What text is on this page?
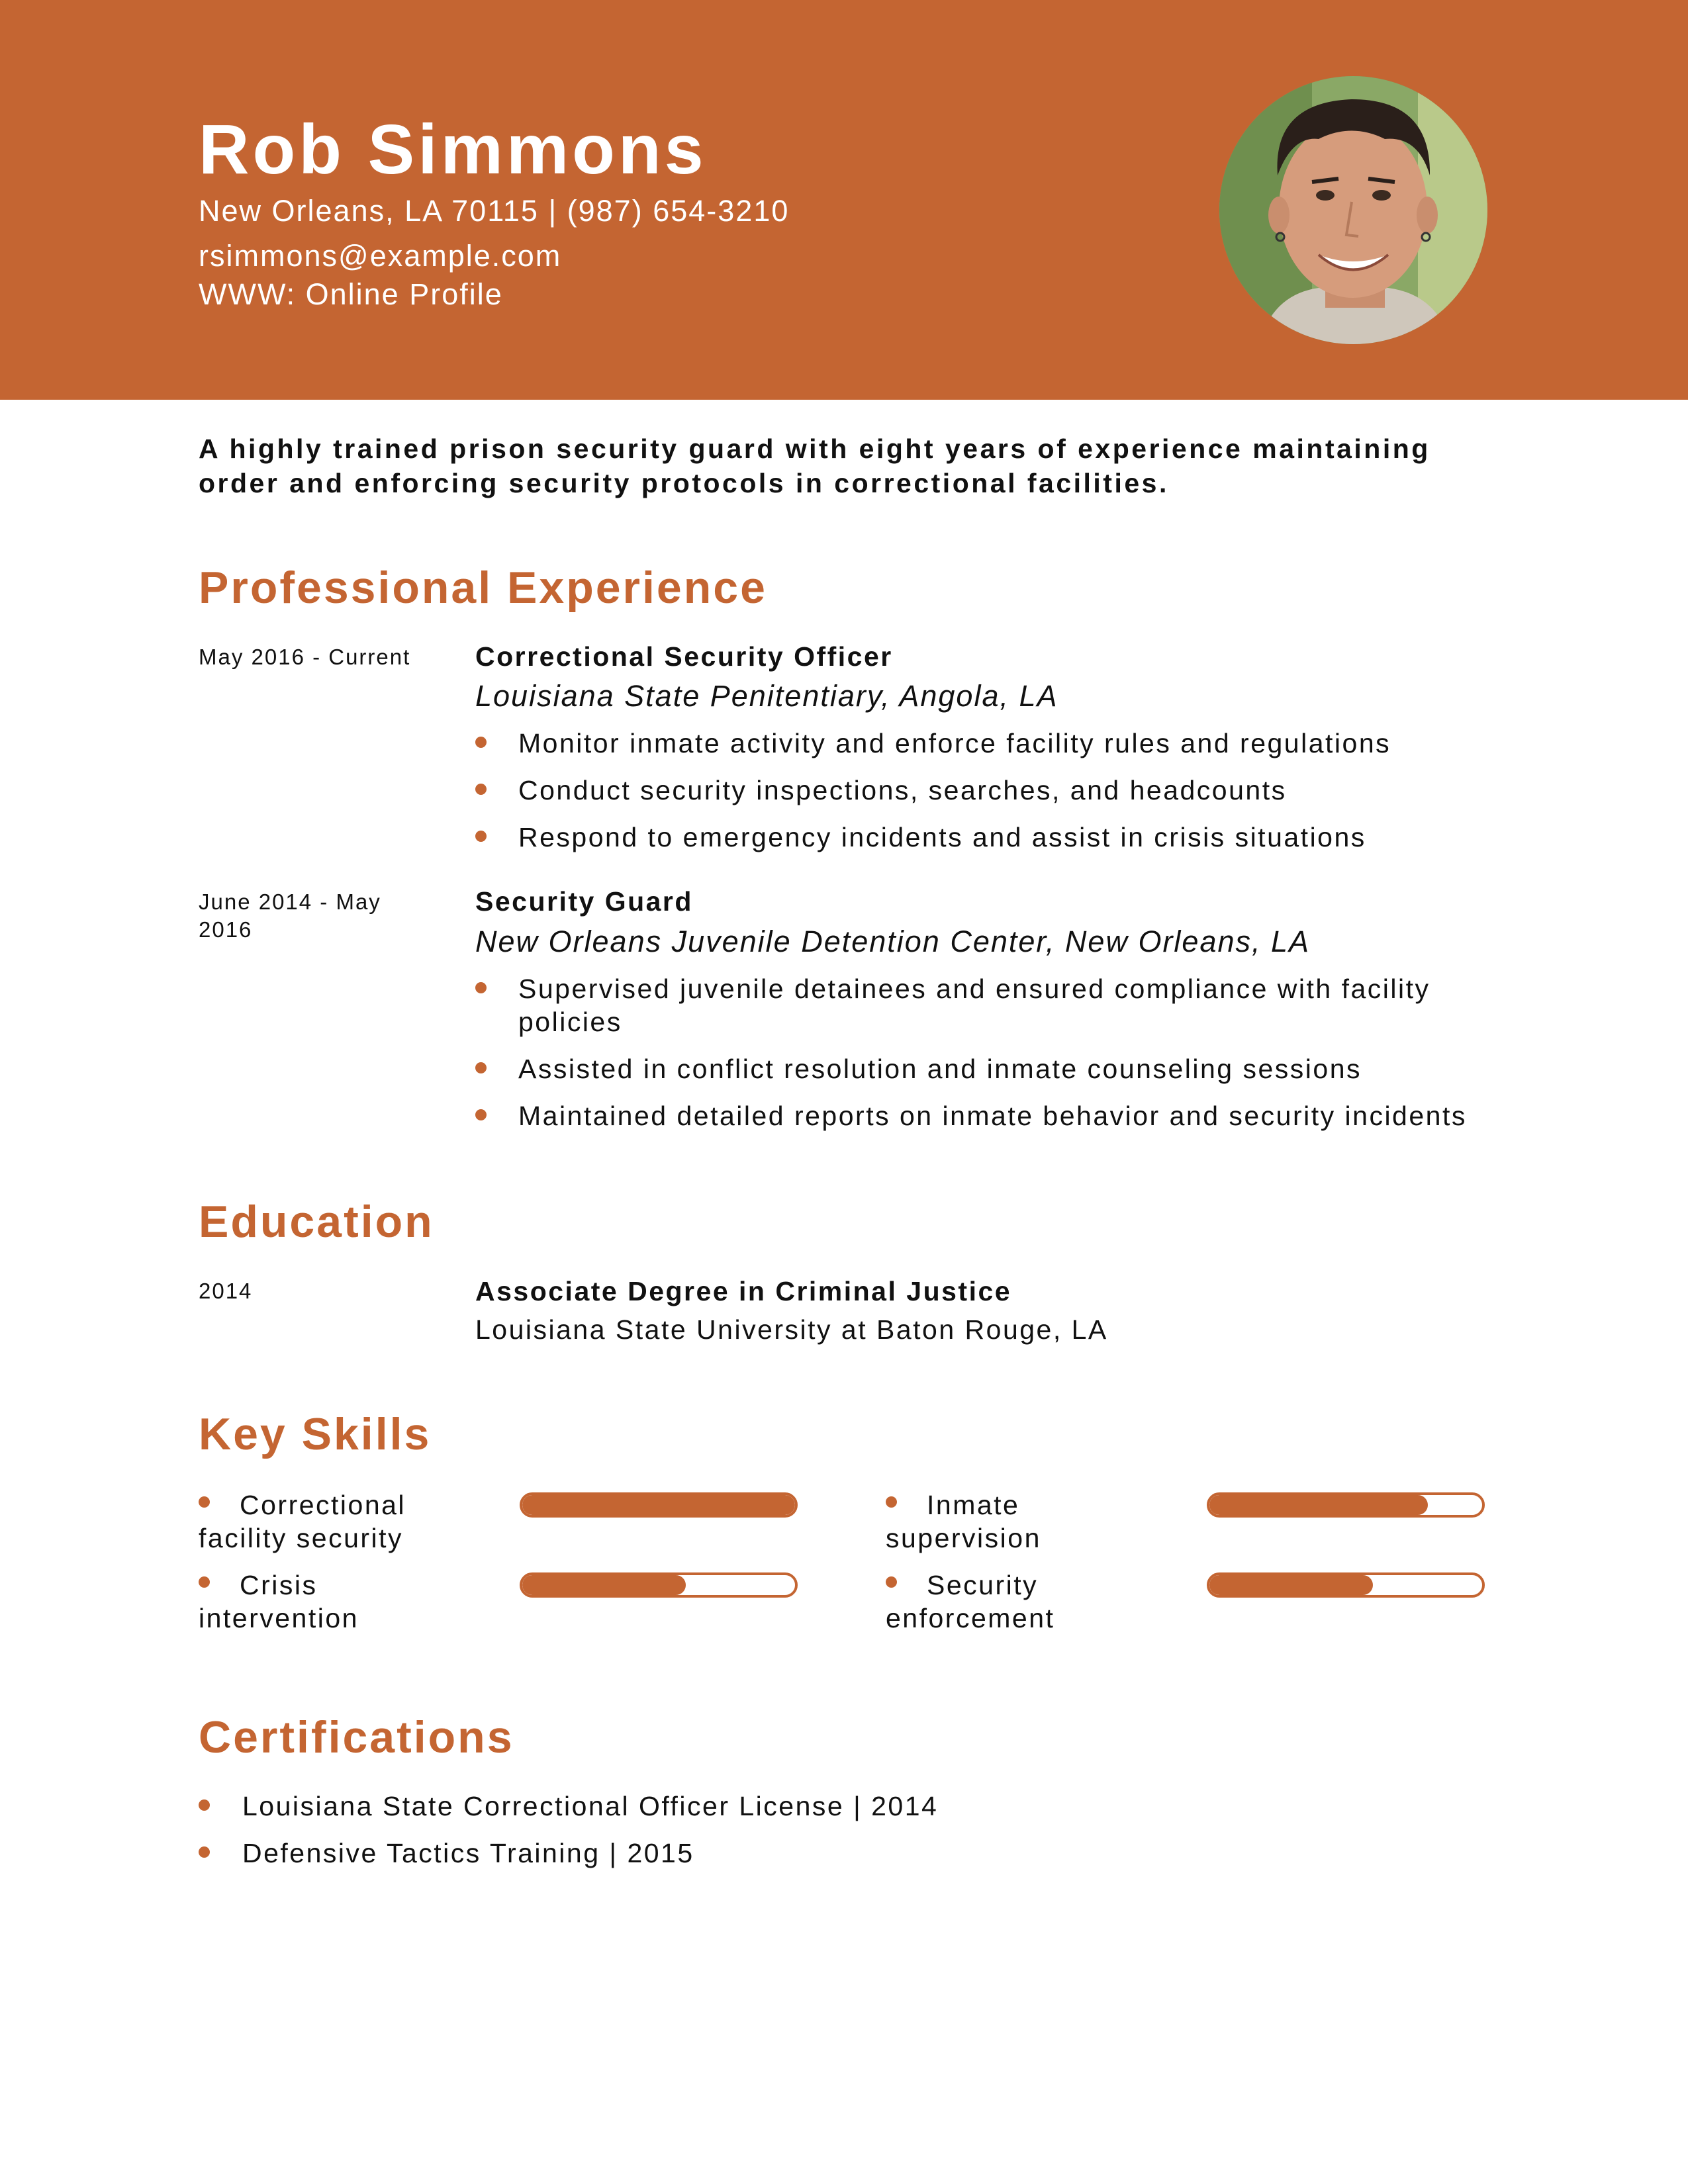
Rob Simmons
New Orleans, LA 70115 | (987) 654-3210
rsimmons@example.com
WWW: Online Profile
A highly trained prison security guard with eight years of experience maintaining order and enforcing security protocols in correctional facilities.
Professional Experience
May 2016 - Current	Correctional Security Officer
Louisiana State Penitentiary, Angola, LA
Monitor inmate activity and enforce facility rules and regulations
Conduct security inspections, searches, and headcounts
Respond to emergency incidents and assist in crisis situations
June 2014 - May 2016
Security Guard
New Orleans Juvenile Detention Center, New Orleans, LA
Supervised juvenile detainees and ensured compliance with facility policies
Assisted in conflict resolution and inmate counseling sessions
Maintained detailed reports on inmate behavior and security incidents
Education
2014	Associate Degree in Criminal Justice
Louisiana State University at Baton Rouge, LA
Key Skills
Correctional facility security
Inmate supervision
Crisis intervention
Security enforcement
Certifications
Louisiana State Correctional Officer License | 2014
Defensive Tactics Training | 2015
